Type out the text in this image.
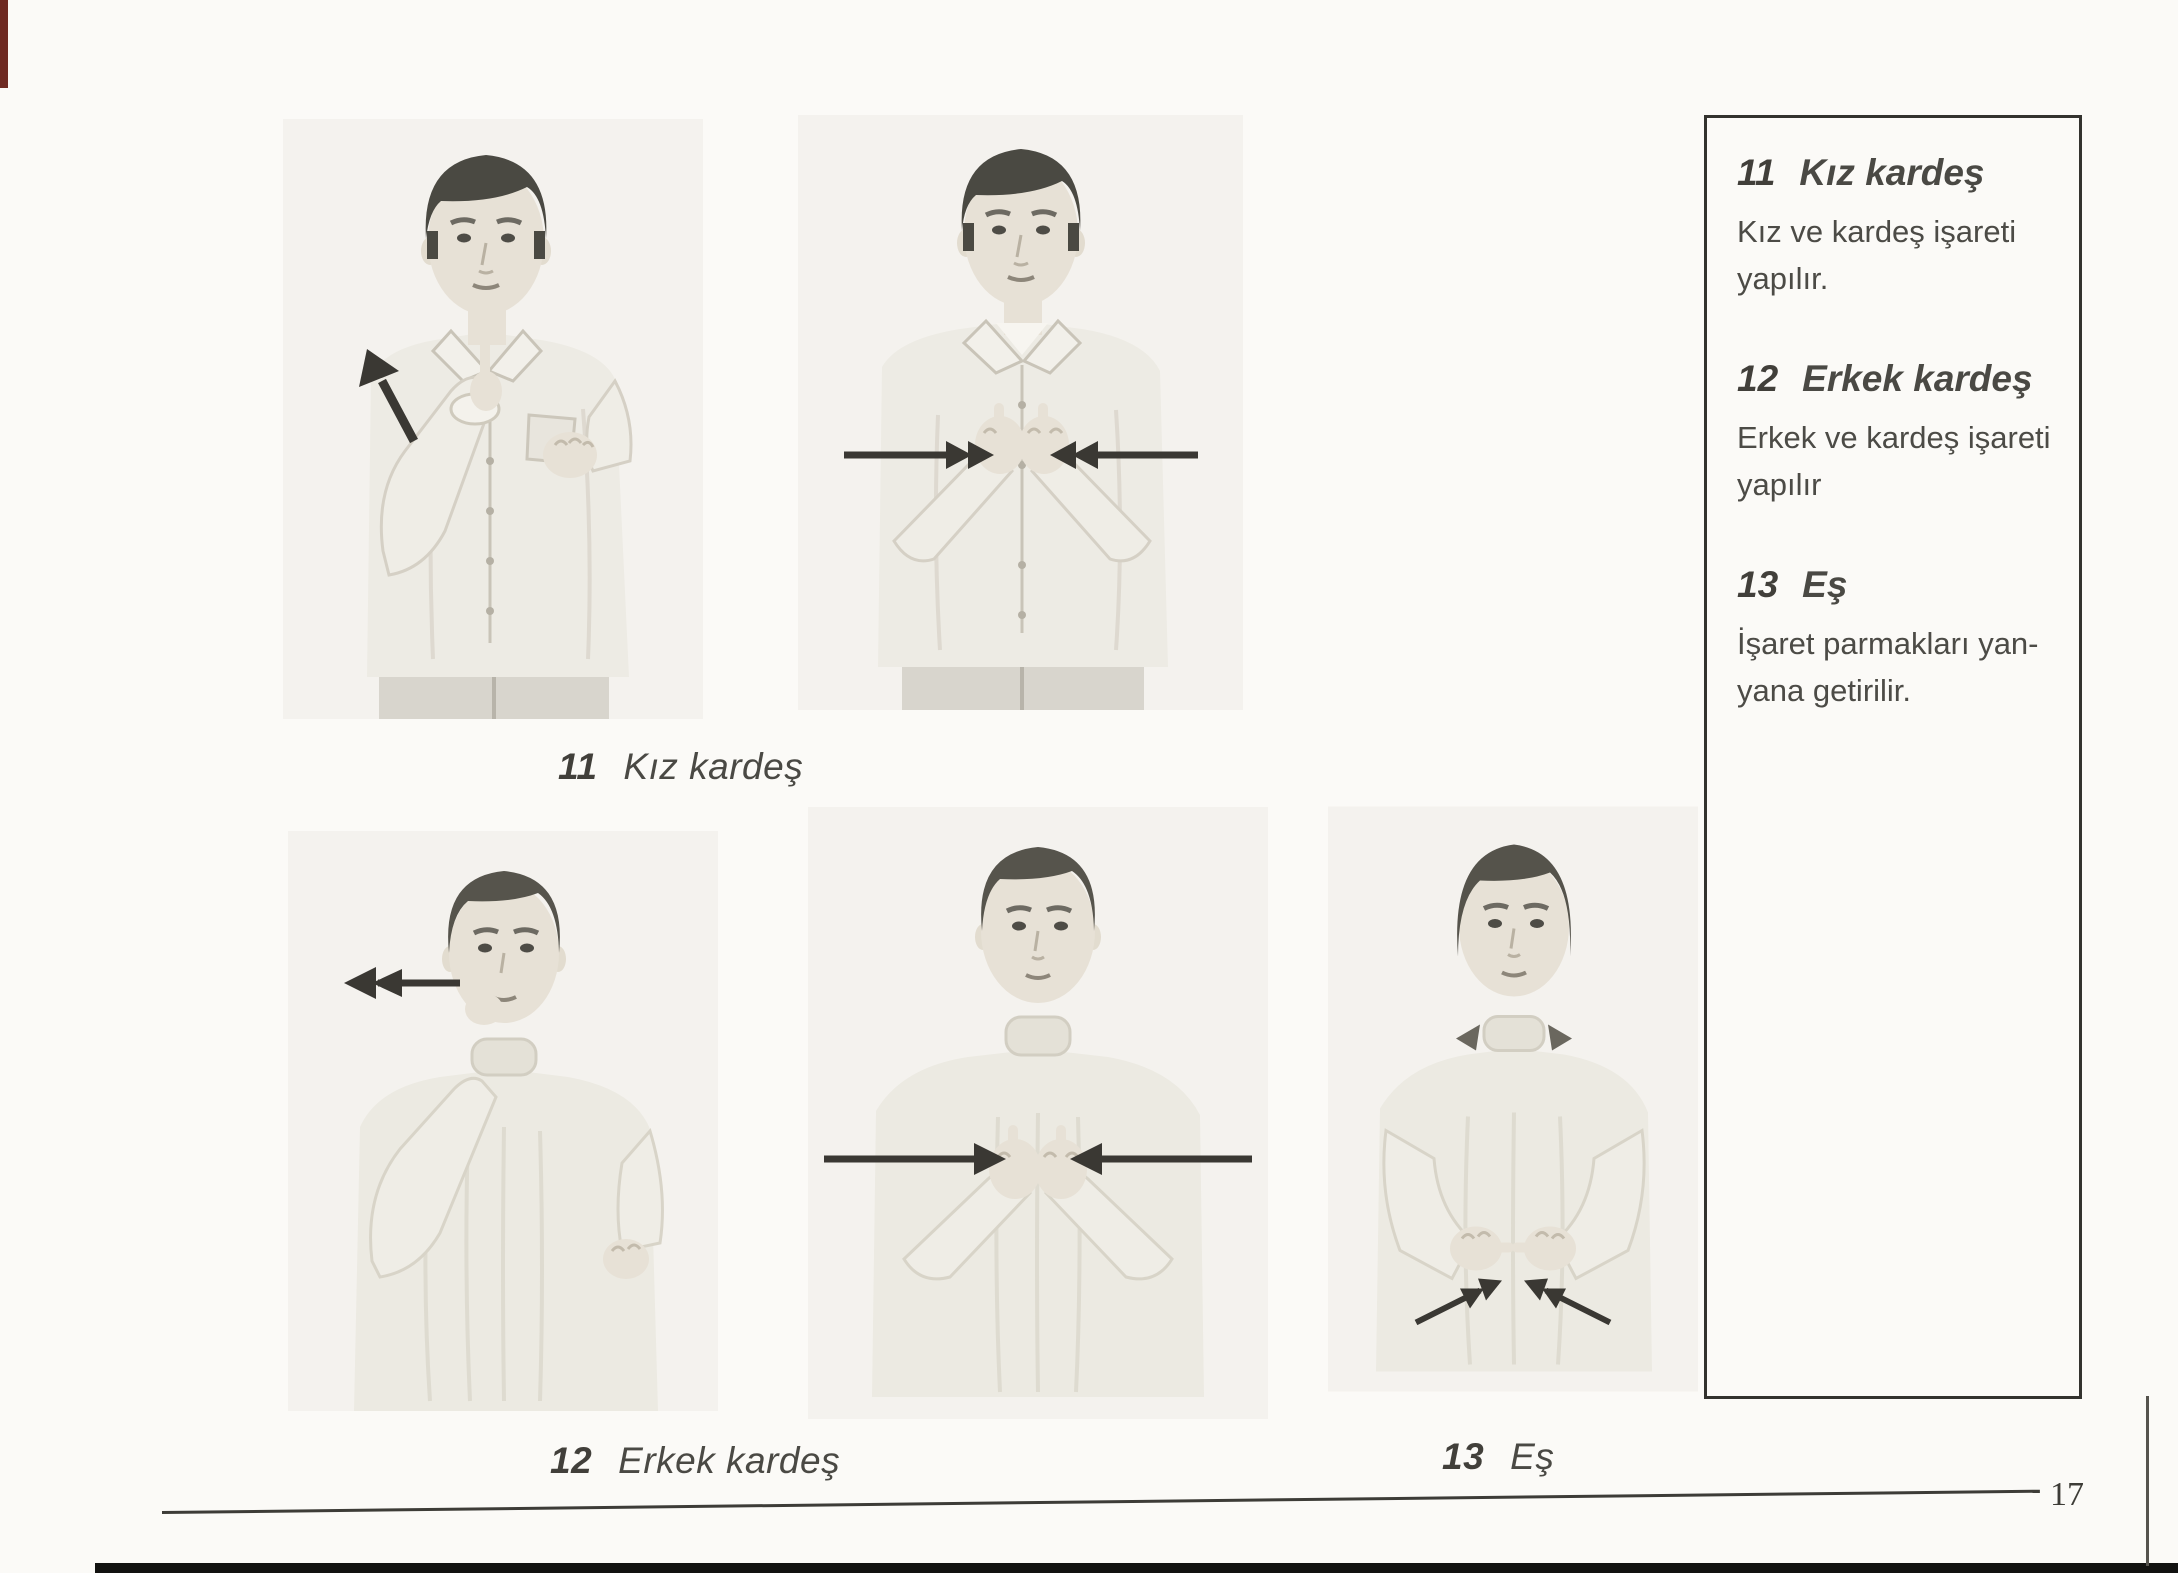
11 Kız kardeş
12 Erkek kardeş	13 Eş
11 Kız kardeş

Kız ve kardeş işareti yapılır.

12 Erkek kardeş

Erkek ve kardeş işareti yapılır

13 Eş

İşaret parmakları yan-yana getirilir.

17
